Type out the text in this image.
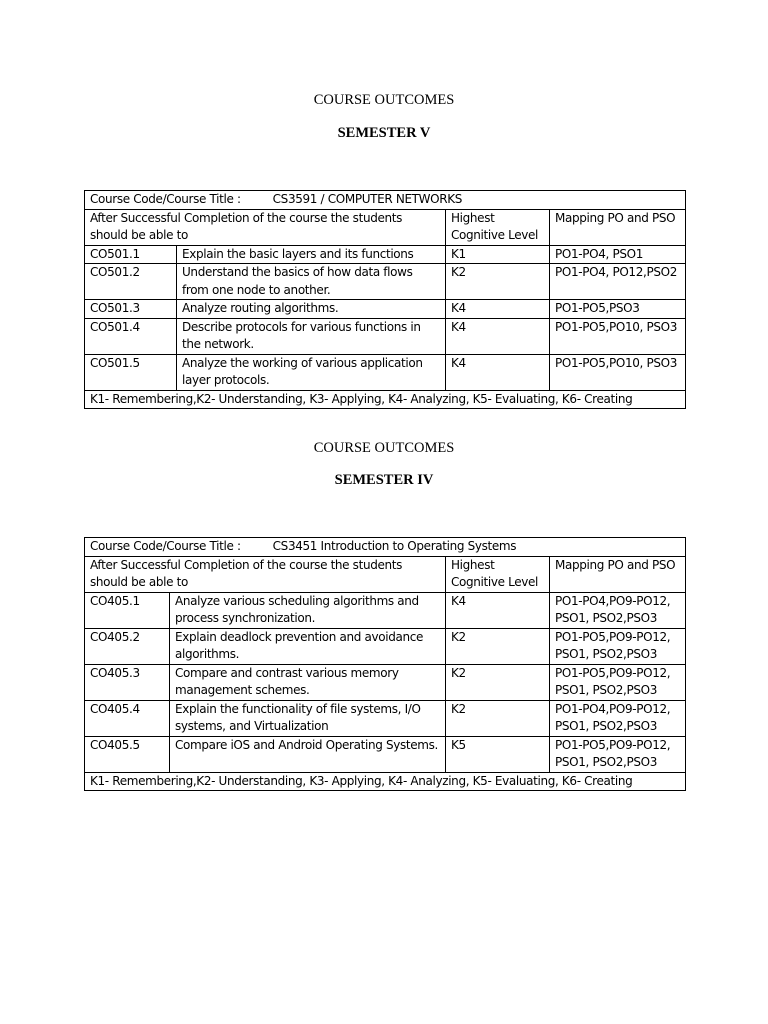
COURSE OUTCOMES
SEMESTER V
Course Code/Course Title : CS3591 / COMPUTER NETWORKS			
After Successful Completion of the course the students should be able to		Highest Cognitive Level	Mapping PO and PSO
CO501.1	Explain the basic layers and its functions	K1	PO1-PO4, PSO1
CO501.2	Understand the basics of how data flows from one node to another.	K2	PO1-PO4, PO12,PSO2
CO501.3	Analyze routing algorithms.	K4	PO1-PO5,PSO3
CO501.4	Describe protocols for various functions in the network.	K4	PO1-PO5,PO10, PSO3
CO501.5	Analyze the working of various application layer protocols.	K4	PO1-PO5,PO10, PSO3
K1- Remembering,K2- Understanding, K3- Applying, K4- Analyzing, K5- Evaluating, K6- Creating			
COURSE OUTCOMES
SEMESTER IV
Course Code/Course Title : CS3451 Introduction to Operating Systems			
After Successful Completion of the course the students should be able to		Highest Cognitive Level	Mapping PO and PSO
CO405.1	Analyze various scheduling algorithms and process synchronization.	K4	PO1-PO4,PO9-PO12, PSO1, PSO2,PSO3
CO405.2	Explain deadlock prevention and avoidance algorithms.	K2	PO1-PO5,PO9-PO12, PSO1, PSO2,PSO3
CO405.3	Compare and contrast various memory management schemes.	K2	PO1-PO5,PO9-PO12, PSO1, PSO2,PSO3
CO405.4	Explain the functionality of file systems, I/O systems, and Virtualization	K2	PO1-PO4,PO9-PO12, PSO1, PSO2,PSO3
CO405.5	Compare iOS and Android Operating Systems.	K5	PO1-PO5,PO9-PO12, PSO1, PSO2,PSO3
K1- Remembering,K2- Understanding, K3- Applying, K4- Analyzing, K5- Evaluating, K6- Creating			
